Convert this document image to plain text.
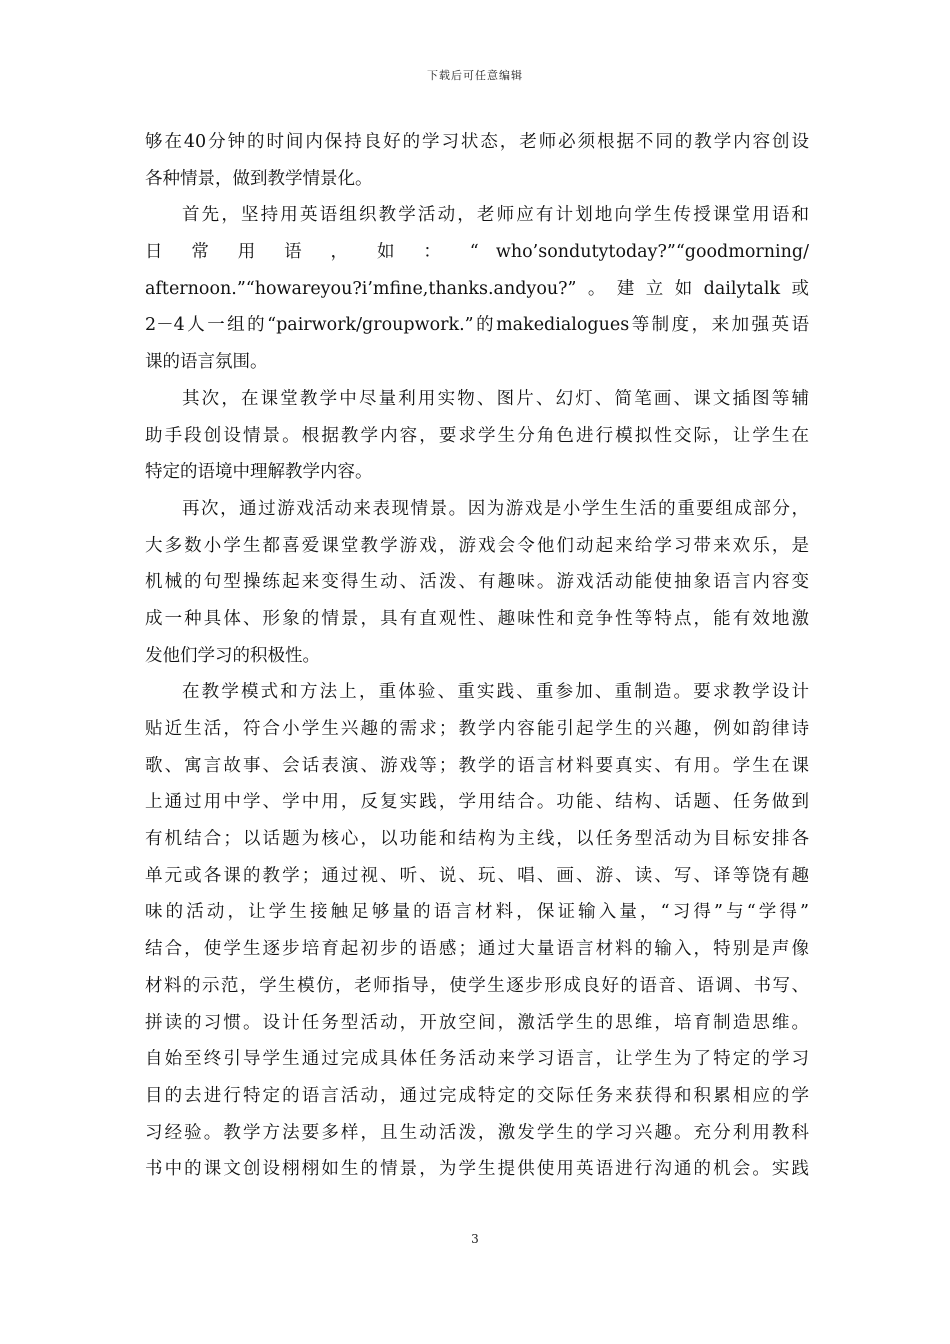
下载后可任意编辑
够在40分钟的时间内保持良好的学习状态，老师必须根据不同的教学内容创设
各种情景，做到教学情景化。
首先，坚持用英语组织教学活动，老师应有计划地向学生传授课堂用语和
日 常 用 语 ， 如 ： “ who’sondutytoday?”“goodmorning/
afternoon.”“howareyou?i’mfine,thanks.andyou?”。建立如dailytalk或
2－4人一组的“pairwork/groupwork.”的makedialogues等制度，来加强英语
课的语言氛围。
其次，在课堂教学中尽量利用实物、图片、幻灯、简笔画、课文插图等辅
助手段创设情景。根据教学内容，要求学生分角色进行模拟性交际，让学生在
特定的语境中理解教学内容。
再次，通过游戏活动来表现情景。因为游戏是小学生生活的重要组成部分，
大多数小学生都喜爱课堂教学游戏，游戏会令他们动起来给学习带来欢乐，是
机械的句型操练起来变得生动、活泼、有趣味。游戏活动能使抽象语言内容变
成一种具体、形象的情景，具有直观性、趣味性和竞争性等特点，能有效地激
发他们学习的积极性。
在教学模式和方法上，重体验、重实践、重参加、重制造。要求教学设计
贴近生活，符合小学生兴趣的需求；教学内容能引起学生的兴趣，例如韵律诗
歌、寓言故事、会话表演、游戏等；教学的语言材料要真实、有用。学生在课
上通过用中学、学中用，反复实践，学用结合。功能、结构、话题、任务做到
有机结合；以话题为核心，以功能和结构为主线，以任务型活动为目标安排各
单元或各课的教学；通过视、听、说、玩、唱、画、游、读、写、译等饶有趣
味的活动，让学生接触足够量的语言材料，保证输入量，“习得”与“学得”
结合，使学生逐步培育起初步的语感；通过大量语言材料的输入，特别是声像
材料的示范，学生模仿，老师指导，使学生逐步形成良好的语音、语调、书写、
拼读的习惯。设计任务型活动，开放空间，激活学生的思维，培育制造思维。
自始至终引导学生通过完成具体任务活动来学习语言，让学生为了特定的学习
目的去进行特定的语言活动，通过完成特定的交际任务来获得和积累相应的学
习经验。教学方法要多样，且生动活泼，激发学生的学习兴趣。充分利用教科
书中的课文创设栩栩如生的情景，为学生提供使用英语进行沟通的机会。实践
3
